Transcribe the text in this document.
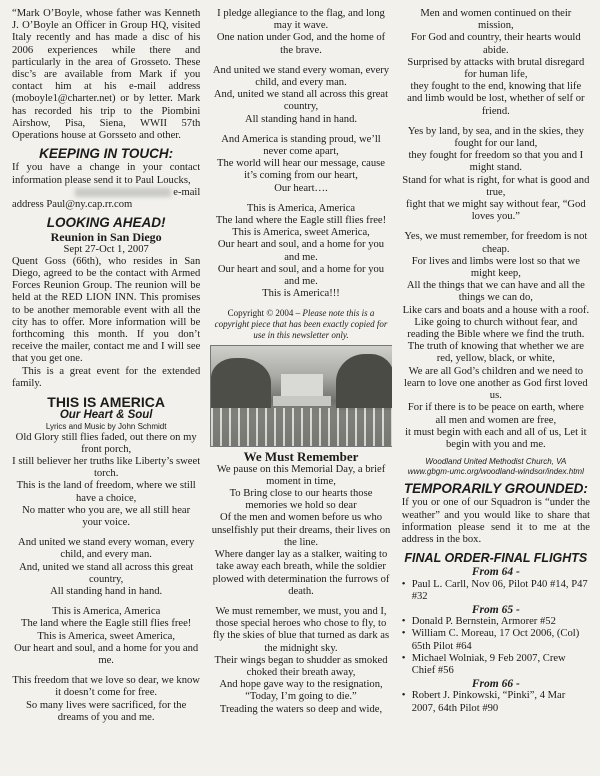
“Mark O’Boyle, whose father was Kenneth J. O’Boyle an Officer in Group HQ, visited Italy recently and has made a disc of his 2006 experiences while there and particularly in the area of Grosseto. These disc’s are available from Mark if you contact him at his e-mail address (moboyle1@charter.net) or by letter. Mark has recorded his trip to the Piombini Airshow, Pisa, Siena, WWII 57th Operations house at Gorsseto and other.

KEEPING IN TOUCH:

If you have a change in your contact information please send it to Paul Loucks,

e-mail

address Paul@ny.cap.rr.com

LOOKING AHEAD!
Reunion in San Diego
Sept 27-Oct 1, 2007

Quent Goss (66th), who resides in San Diego, agreed to be the contact with Armed Forces Reunion Group. The reunion will be held at the RED LION INN. This promises to be another memorable event with all the city has to offer. More information will be forthcoming this month. If you don’t receive the mailer, contact me and I will see that you get one.

This is a great event for the extended family.

THIS IS AMERICA
Our Heart & Soul
Lyrics and Music by John Schmidt
Old Glory still flies faded, out there on my front porch,
I still believer her truths like Liberty’s sweet torch.
This is the land of freedom, where we still have a choice,
No matter who you are, we all still hear your voice.
And united we stand every woman, every child, and every man.
And, united we stand all across this great country,
All standing hand in hand.
This is America, America
The land where the Eagle still flies free!
This is America, sweet America,
Our heart and soul, and a home for you and me.
This freedom that we love so dear, we know it doesn’t come for free.
So many lives were sacrificed, for the dreams of you and me.
I pledge allegiance to the flag, and long may it wave.
One nation under God, and the home of the brave.
And united we stand every woman, every child, and every man.
And, united we stand all across this great country,
All standing hand in hand.
And America is standing proud, we’ll never come apart,
The world will hear our message, cause it’s coming from our heart,
Our heart….
This is America, America
The land where the Eagle still flies free!
This is America, sweet America,
Our heart and soul, and a home for you and me.
Our heart and soul, and a home for you and me.
This is America!!!

Copyright © 2004 – Please note this is a copyright piece that has been exactly copied for use in this newsletter only.

We Must Remember
We pause on this Memorial Day, a brief moment in time,
To Bring close to our hearts those memories we hold so dear
Of the men and women before us who unselfishly put their dreams, their lives on the line.
Where danger lay as a stalker, waiting to take away each breath, while the soldier
plowed with determination the furrows of death.
We must remember, we must, you and I,
those special heroes who chose to fly, to fly the skies of blue that turned as dark as the midnight sky.
Their wings began to shudder as smoked choked their breath away,
And hope gave way to the resignation, “Today, I’m going to die.”
Treading the waters so deep and wide,
Men and women continued on their mission,
For God and country, their hearts would abide.
Surprised by attacks with brutal disregard for human life,
they fought to the end, knowing that life and limb would be lost, whether of self or friend.
Yes by land, by sea, and in the skies, they fought for our land,
they fought for freedom so that you and I might stand.
Stand for what is right, for what is good and true,
fight that we might say without fear, “God loves you.”
Yes, we must remember, for freedom is not cheap.
For lives and limbs were lost so that we might keep,
All the things that we can have and all the things we can do,
Like cars and boats and a house with a roof.
Like going to church without fear, and reading the Bible where we find the truth.
The truth of knowing that whether we are red, yellow, black, or white,
We are all God’s children and we need to learn to love one another as God first loved us.
For if there is to be peace on earth, where all men and women are free,
it must begin with each and all of us, Let it begin with you and me.
Woodland United Methodist Church, VA
www.gbgm-umc.org/woodland-windsor/index.html
TEMPORARILY GROUNDED:

If you or one of our Squadron is “under the weather” and you would like to share that information please send it to me at the address in the box.

FINAL ORDER-FINAL FLIGHTS
From 64 -
• Paul L. Carll, Nov 06, Pilot P40 #14, P47 #32
From 65 -
• Donald P. Bernstein, Armorer #52
• William C. Moreau, 17 Oct 2006, (Col) 65th Pilot #64
• Michael Wolniak, 9 Feb 2007, Crew Chief #56
From 66 -
• Robert J. Pinkowski, “Pinki”, 4 Mar 2007, 64th Pilot #90
